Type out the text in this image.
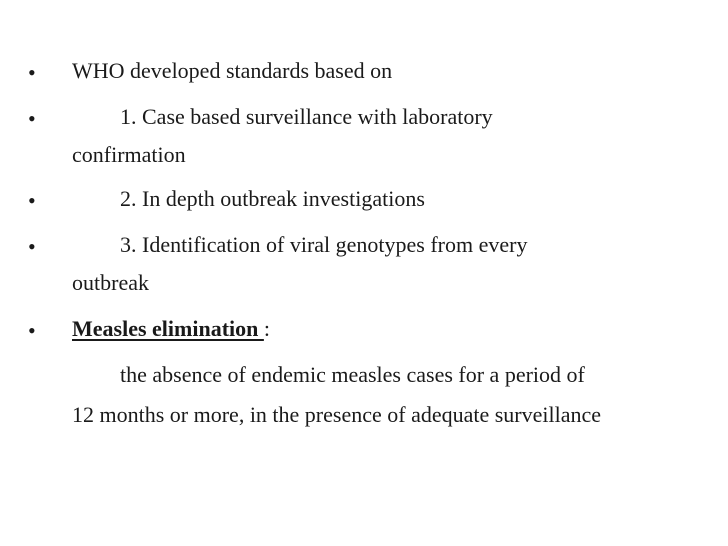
• WHO developed standards based on
•	1. Case based surveillance with laboratory
confirmation
•	2. In depth outbreak investigations
•	3. Identification of viral genotypes from every
outbreak
• Measles elimination :
the absence of endemic measles cases for a period of
12 months or more, in the presence of adequate surveillance
